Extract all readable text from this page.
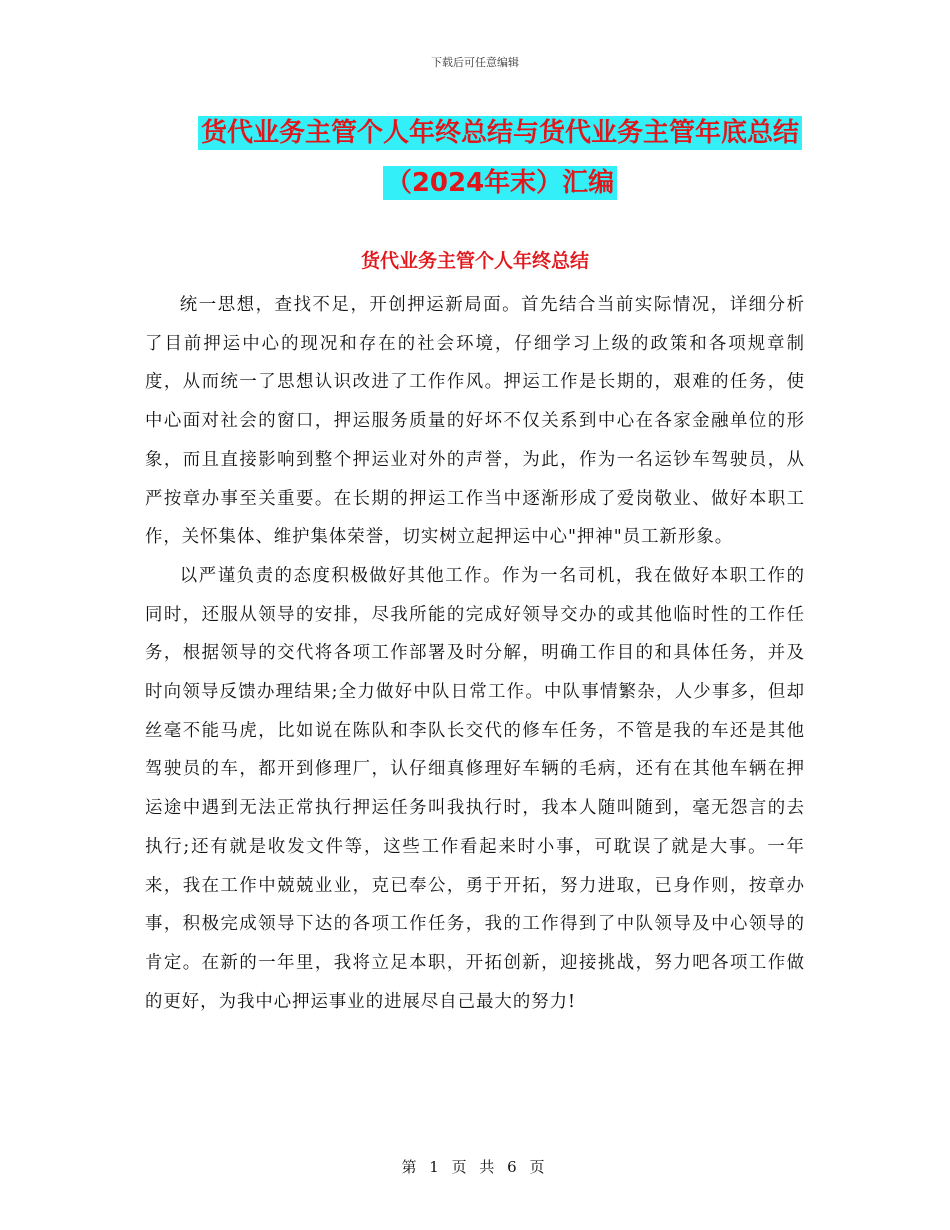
下载后可任意编辑
货代业务主管个人年终总结与货代业务主管年底总结
（2024年末）汇编
货代业务主管个人年终总结

统一思想，查找不足，开创押运新局面。首先结合当前实际情况，详细分析了目前押运中心的现况和存在的社会环境，仔细学习上级的政策和各项规章制度，从而统一了思想认识改进了工作作风。押运工作是长期的，艰难的任务，使中心面对社会的窗口，押运服务质量的好坏不仅关系到中心在各家金融单位的形象，而且直接影响到整个押运业对外的声誉，为此，作为一名运钞车驾驶员，从严按章办事至关重要。在长期的押运工作当中逐渐形成了爱岗敬业、做好本职工作，关怀集体、维护集体荣誉，切实树立起押运中心"押神"员工新形象。

以严谨负责的态度积极做好其他工作。作为一名司机，我在做好本职工作的同时，还服从领导的安排，尽我所能的完成好领导交办的或其他临时性的工作任务，根据领导的交代将各项工作部署及时分解，明确工作目的和具体任务，并及时向领导反馈办理结果;全力做好中队日常工作。中队事情繁杂，人少事多，但却丝毫不能马虎，比如说在陈队和李队长交代的修车任务，不管是我的车还是其他驾驶员的车，都开到修理厂，认仔细真修理好车辆的毛病，还有在其他车辆在押运途中遇到无法正常执行押运任务叫我执行时，我本人随叫随到，毫无怨言的去执行;还有就是收发文件等，这些工作看起来时小事，可耽误了就是大事。一年来，我在工作中兢兢业业，克已奉公，勇于开拓，努力进取，已身作则，按章办事，积极完成领导下达的各项工作任务，我的工作得到了中队领导及中心领导的肯定。在新的一年里，我将立足本职，开拓创新，迎接挑战，努力吧各项工作做的更好，为我中心押运事业的进展尽自己最大的努力!

第 1 页 共 6 页
